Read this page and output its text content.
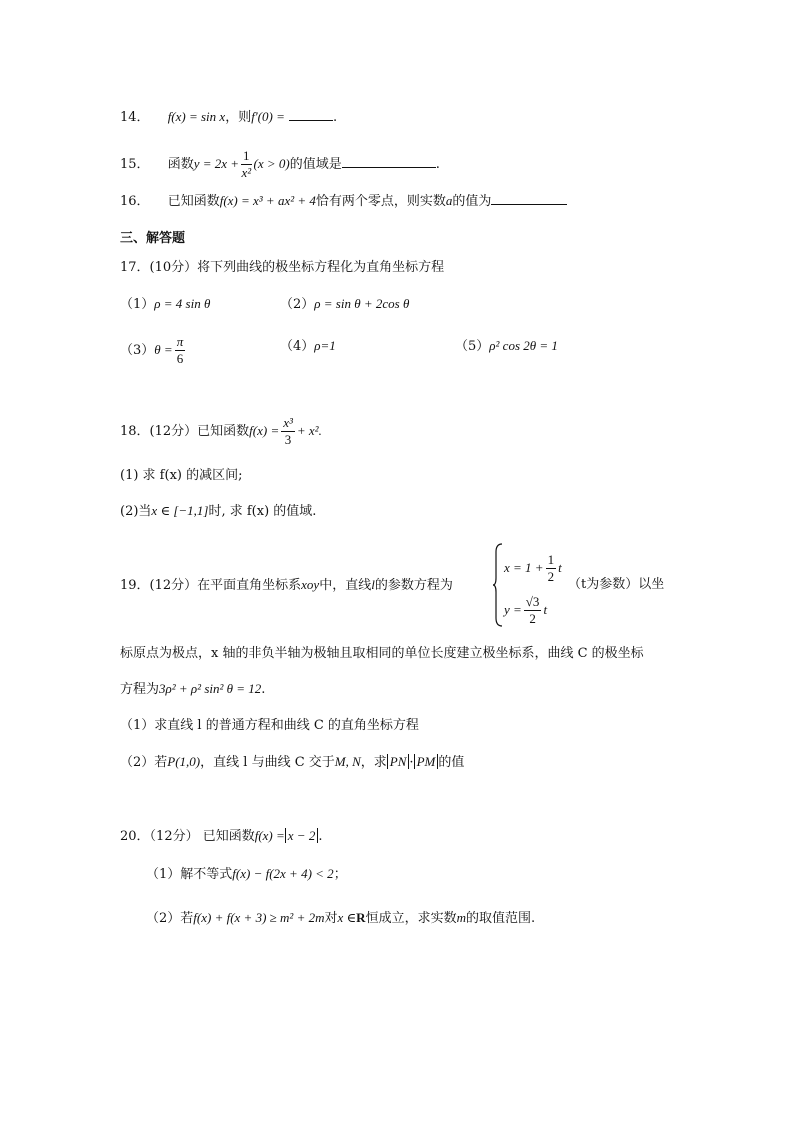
14． f(x) = sin x，则f′(0) =	.
15． 函数$y = 2x + \frac{1}{\text{x²}} (x > 0)$的值域是	.
16． 已知函数f(x) = x³ + ax² + 4恰有两个零点，则实数a的值为
三、解答题
17．(10分）将下列曲线的极坐标方程化为直角坐标方程
（1）ρ = 4 sin θ	（2）ρ = sin θ + 2cos θ
$(3)\theta = \frac{\pi}{6}$	（4）ρ=1	（5）ρ² cos 2θ = 1
18．(12分）已知函数$f(x) = \frac{\text{x³}}{3} + x^2$.
(1) 求 f(x) 的减区间;
(2)当x ∈ [−1,1]时, 求 f(x) 的值域.
19．(12分）在平面直角坐标系xoy中，直线l的参数方程为
$x = 1 + \frac{1}{2}$ t
$y = \frac{√3}{2}$ t
（t为参数）以坐
标原点为极点，x 轴的非负半轴为极轴且取相同的单位长度建立极坐标系，曲线 C 的极坐标
方程为3ρ² + ρ² sin² θ = 12.
（1）求直线 l 的普通方程和曲线 C 的直角坐标方程
（2）若P(1,0)，直线 l 与曲线 C 交于M, N，求 PN · PM 的值
20．（12分） 已知函数f(x) = x − 2 .
（1）解不等式f(x) − f(2x + 4) < 2；
（2）若f(x) + f(x + 3) ≥ m² + 2m对x ∈R恒成立，求实数m的取值范围.
